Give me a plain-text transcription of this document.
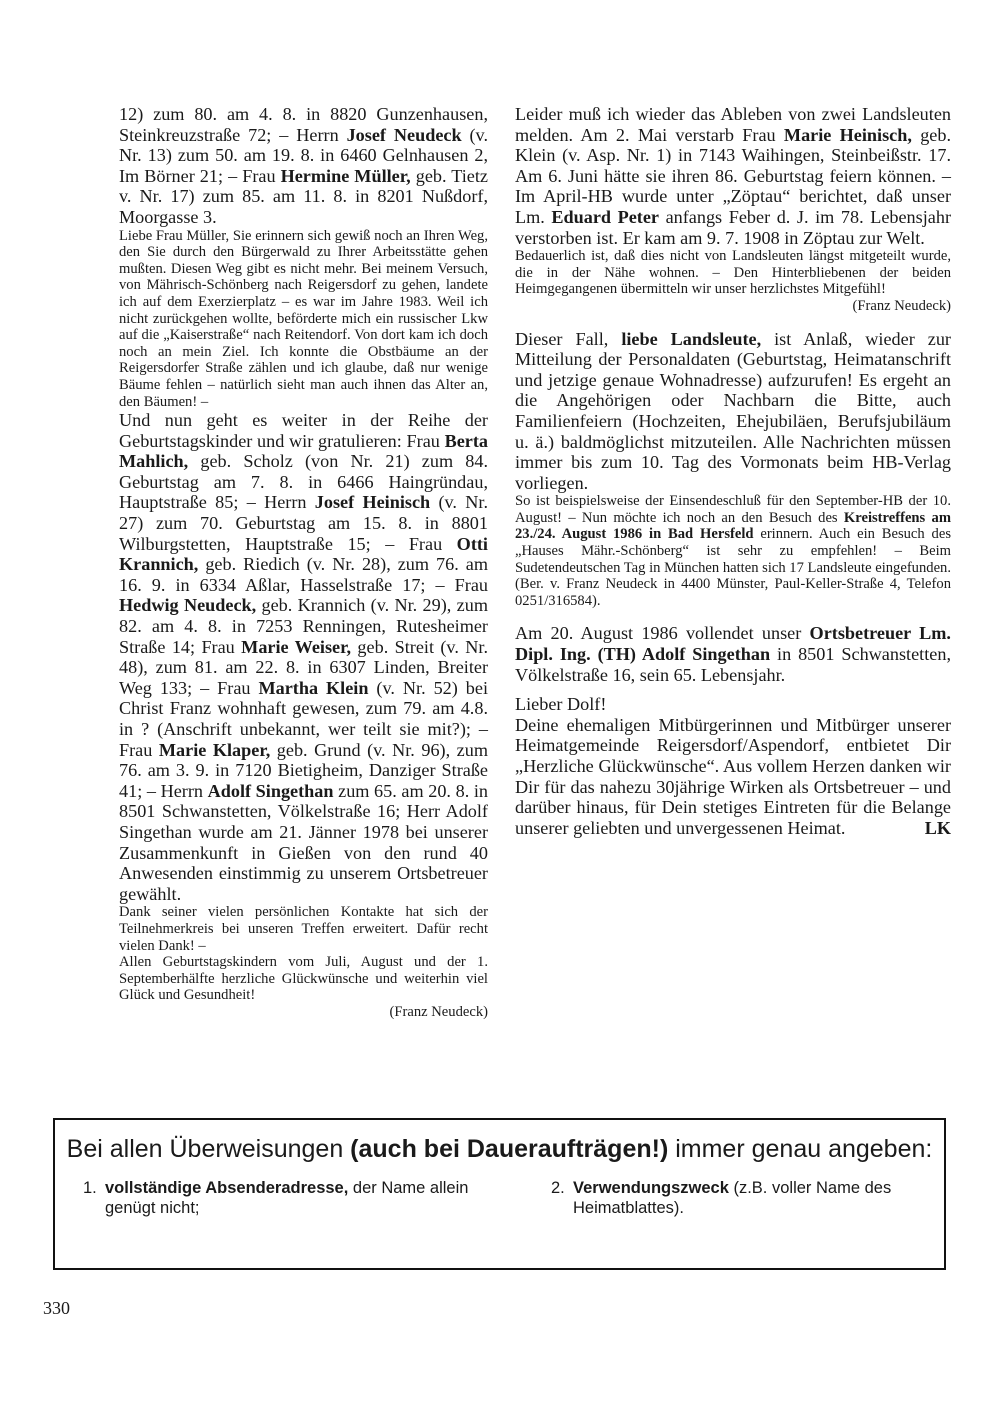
12) zum 80. am 4. 8. in 8820 Gunzenhausen, Steinkreuzstraße 72; – Herrn Josef Neudeck (v. Nr. 13) zum 50. am 19. 8. in 6460 Gelnhausen 2, Im Börner 21; – Frau Hermine Müller, geb. Tietz v. Nr. 17) zum 85. am 11. 8. in 8201 Nußdorf, Moorgasse 3.

Liebe Frau Müller, Sie erinnern sich gewiß noch an Ihren Weg, den Sie durch den Bürgerwald zu Ihrer Arbeitsstätte gehen mußten. Diesen Weg gibt es nicht mehr. Bei meinem Versuch, von Mährisch-Schönberg nach Reigersdorf zu gehen, landete ich auf dem Exerzierplatz – es war im Jahre 1983. Weil ich nicht zurückgehen wollte, beförderte mich ein russischer Lkw auf die „Kaiserstraße“ nach Reitendorf. Von dort kam ich doch noch an mein Ziel. Ich konnte die Obstbäume an der Reigersdorfer Straße zählen und ich glaube, daß nur wenige Bäume fehlen – natürlich sieht man auch ihnen das Alter an, den Bäumen! –

Und nun geht es weiter in der Reihe der Geburtstagskinder und wir gratulieren: Frau Berta Mahlich, geb. Scholz (von Nr. 21) zum 84. Geburtstag am 7. 8. in 6466 Haingründau, Hauptstraße 85; – Herrn Josef Heinisch (v. Nr. 27) zum 70. Geburtstag am 15. 8. in 8801 Wilburgstetten, Hauptstraße 15; – Frau Otti Krannich, geb. Riedich (v. Nr. 28), zum 76. am 16. 9. in 6334 Aßlar, Hasselstraße 17; – Frau Hedwig Neudeck, geb. Krannich (v. Nr. 29), zum 82. am 4. 8. in 7253 Renningen, Rutesheimer Straße 14; Frau Marie Weiser, geb. Streit (v. Nr. 48), zum 81. am 22. 8. in 6307 Linden, Breiter Weg 133; – Frau Martha Klein (v. Nr. 52) bei Christ Franz wohnhaft gewesen, zum 79. am 4.8. in ? (Anschrift unbekannt, wer teilt sie mit?); – Frau Marie Klaper, geb. Grund (v. Nr. 96), zum 76. am 3. 9. in 7120 Bietigheim, Danziger Straße 41; – Herrn Adolf Singethan zum 65. am 20. 8. in 8501 Schwanstetten, Völkelstraße 16; Herr Adolf Singethan wurde am 21. Jänner 1978 bei unserer Zusammenkunft in Gießen von den rund 40 Anwesenden einstimmig zu unserem Ortsbetreuer gewählt.

Dank seiner vielen persönlichen Kontakte hat sich der Teilnehmerkreis bei unseren Treffen erweitert. Dafür recht vielen Dank! –

Allen Geburtstagskindern vom Juli, August und der 1. Septemberhälfte herzliche Glückwünsche und weiterhin viel Glück und Gesundheit!

(Franz Neudeck)

Leider muß ich wieder das Ableben von zwei Landsleuten melden. Am 2. Mai verstarb Frau Marie Heinisch, geb. Klein (v. Asp. Nr. 1) in 7143 Waihingen, Steinbeißstr. 17. Am 6. Juni hätte sie ihren 86. Geburtstag feiern können. – Im April-HB wurde unter „Zöptau“ berichtet, daß unser Lm. Eduard Peter anfangs Feber d. J. im 78. Lebensjahr verstorben ist. Er kam am 9. 7. 1908 in Zöptau zur Welt.

Bedauerlich ist, daß dies nicht von Landsleuten längst mitgeteilt wurde, die in der Nähe wohnen. – Den Hinterbliebenen der beiden Heimgegangenen übermitteln wir unser herzlichstes Mitgefühl!

(Franz Neudeck)

Dieser Fall, liebe Landsleute, ist Anlaß, wieder zur Mitteilung der Personaldaten (Geburtstag, Heimatanschrift und jetzige genaue Wohnadresse) aufzurufen! Es ergeht an die Angehörigen oder Nachbarn die Bitte, auch Familienfeiern (Hochzeiten, Ehejubiläen, Berufsjubiläum u. ä.) baldmöglichst mitzuteilen. Alle Nachrichten müssen immer bis zum 10. Tag des Vormonats beim HB-Verlag vorliegen.

So ist beispielsweise der Einsendeschluß für den September-HB der 10. August! – Nun möchte ich noch an den Besuch des Kreistreffens am 23./24. August 1986 in Bad Hersfeld erinnern. Auch ein Besuch des „Hauses Mähr.-Schönberg“ ist sehr zu empfehlen! – Beim Sudetendeutschen Tag in München hatten sich 17 Landsleute eingefunden. (Ber. v. Franz Neudeck in 4400 Münster, Paul-Keller-Straße 4, Telefon 0251/316584).

Am 20. August 1986 vollendet unser Ortsbetreuer Lm. Dipl. Ing. (TH) Adolf Singethan in 8501 Schwanstetten, Völkelstraße 16, sein 65. Lebensjahr.

Lieber Dolf!

Deine ehemaligen Mitbürgerinnen und Mitbürger unserer Heimatgemeinde Reigersdorf/Aspendorf, entbietet Dir „Herzliche Glückwünsche“. Aus vollem Herzen danken wir Dir für das nahezu 30jährige Wirken als Ortsbetreuer – und darüber hinaus, für Dein stetiges Eintreten für die Belange unserer geliebten und unvergessenen Heimat.	LK

Bei allen Überweisungen (auch bei Daueraufträgen!) immer genau angeben:
1. vollständige Absenderadresse, der Name allein genügt nicht;
2. Verwendungszweck (z.B. voller Name des Heimatblattes).
330
